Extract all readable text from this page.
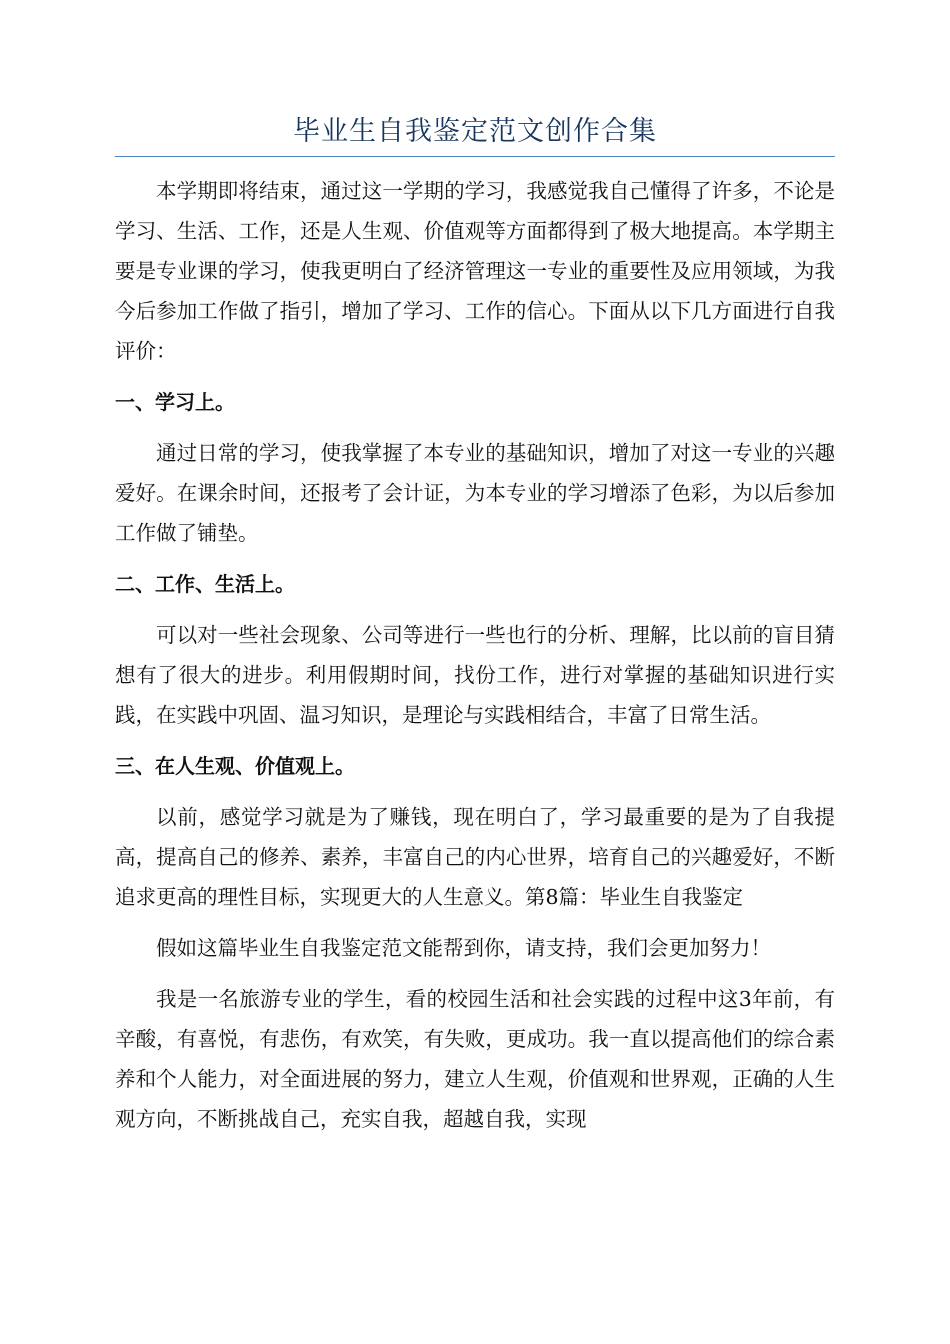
毕业生自我鉴定范文创作合集

本学期即将结束，通过这一学期的学习，我感觉我自己懂得了许多，不论是学习、生活、工作，还是人生观、价值观等方面都得到了极大地提高。本学期主要是专业课的学习，使我更明白了经济管理这一专业的重要性及应用领域，为我今后参加工作做了指引，增加了学习、工作的信心。下面从以下几方面进行自我评价：

一、学习上。

通过日常的学习，使我掌握了本专业的基础知识，增加了对这一专业的兴趣爱好。在课余时间，还报考了会计证，为本专业的学习增添了色彩，为以后参加工作做了铺垫。

二、工作、生活上。

可以对一些社会现象、公司等进行一些也行的分析、理解，比以前的盲目猜想有了很大的进步。利用假期时间，找份工作，进行对掌握的基础知识进行实践，在实践中巩固、温习知识，是理论与实践相结合，丰富了日常生活。

三、在人生观、价值观上。

以前，感觉学习就是为了赚钱，现在明白了，学习最重要的是为了自我提高，提高自己的修养、素养，丰富自己的内心世界，培育自己的兴趣爱好，不断追求更高的理性目标，实现更大的人生意义。第8篇：毕业生自我鉴定

假如这篇毕业生自我鉴定范文能帮到你，请支持，我们会更加努力！

我是一名旅游专业的学生，看的校园生活和社会实践的过程中这3年前，有辛酸，有喜悦，有悲伤，有欢笑，有失败，更成功。我一直以提高他们的综合素养和个人能力，对全面进展的努力，建立人生观，价值观和世界观，正确的人生观方向，不断挑战自己，充实自我，超越自我，实现
